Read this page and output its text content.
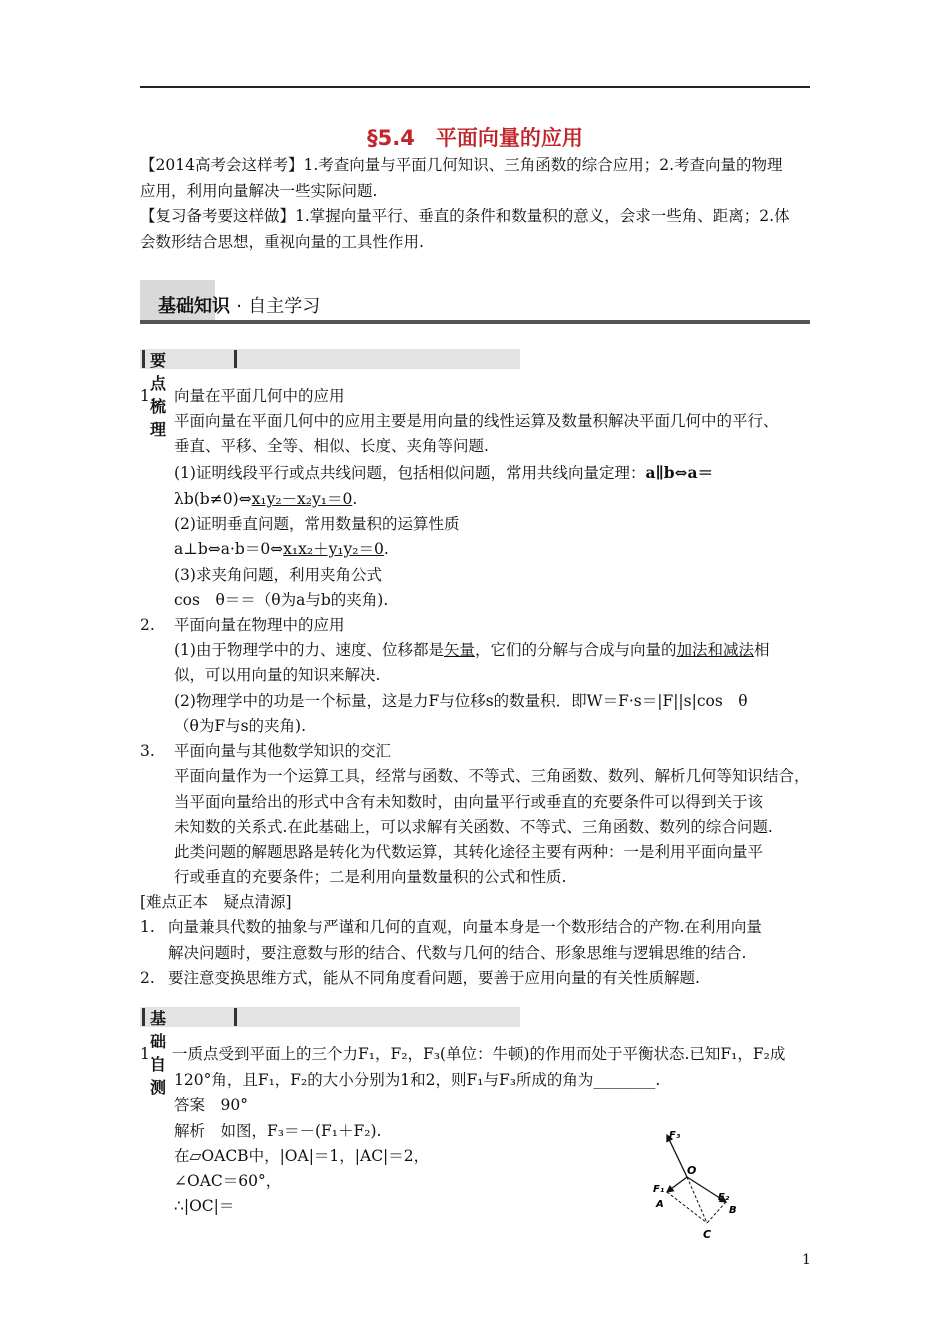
§5.4　平面向量的应用
【2014高考会这样考】1.考查向量与平面几何知识、三角函数的综合应用；2.考查向量的物理
应用，利用向量解决一些实际问题.
【复习备考要这样做】1.掌握向量平行、垂直的条件和数量积的意义，会求一些角、距离；2.体
会数形结合思想，重视向量的工具性作用.
基础知识 · 自主学习
要点梳理
1. 向量在平面几何中的应用
平面向量在平面几何中的应用主要是用向量的线性运算及数量积解决平面几何中的平行、
垂直、平移、全等、相似、长度、夹角等问题.
(1)证明线段平行或点共线问题，包括相似问题，常用共线向量定理：a∥b⇔a＝
λb(b≠0)⇔x₁y₂－x₂y₁＝0.
(2)证明垂直问题，常用数量积的运算性质
a⊥b⇔a·b＝0⇔x₁x₂＋y₁y₂＝0.
(3)求夹角问题，利用夹角公式
cos　θ＝＝（θ为a与b的夹角).
2. 平面向量在物理中的应用
(1)由于物理学中的力、速度、位移都是矢量，它们的分解与合成与向量的加法和减法相
似，可以用向量的知识来解决.
(2)物理学中的功是一个标量，这是力F与位移s的数量积．即W＝F·s＝|F||s|cos　θ
（θ为F与s的夹角).
3. 平面向量与其他数学知识的交汇
平面向量作为一个运算工具，经常与函数、不等式、三角函数、数列、解析几何等知识结合，
当平面向量给出的形式中含有未知数时，由向量平行或垂直的充要条件可以得到关于该
未知数的关系式.在此基础上，可以求解有关函数、不等式、三角函数、数列的综合问题.
此类问题的解题思路是转化为代数运算，其转化途径主要有两种：一是利用平面向量平
行或垂直的充要条件；二是利用向量数量积的公式和性质.
[难点正本　疑点清源]
1. 向量兼具代数的抽象与严谨和几何的直观，向量本身是一个数形结合的产物.在利用向量
解决问题时，要注意数与形的结合、代数与几何的结合、形象思维与逻辑思维的结合.
2. 要注意变换思维方式，能从不同角度看问题，要善于应用向量的有关性质解题.
基础自测
1. 一质点受到平面上的三个力F₁，F₂，F₃(单位：牛顿)的作用而处于平衡状态.已知F₁，F₂成
120°角，且F₁，F₂的大小分别为1和2，则F₁与F₃所成的角为________.
答案　90°
解析　如图，F₃＝－(F₁＋F₂).
在▱OACB中，|OA|＝1，|AC|＝2，
∠OAC＝60°，
∴|OC|＝
F₃
O
F₁
A
F₂
B
C
1
